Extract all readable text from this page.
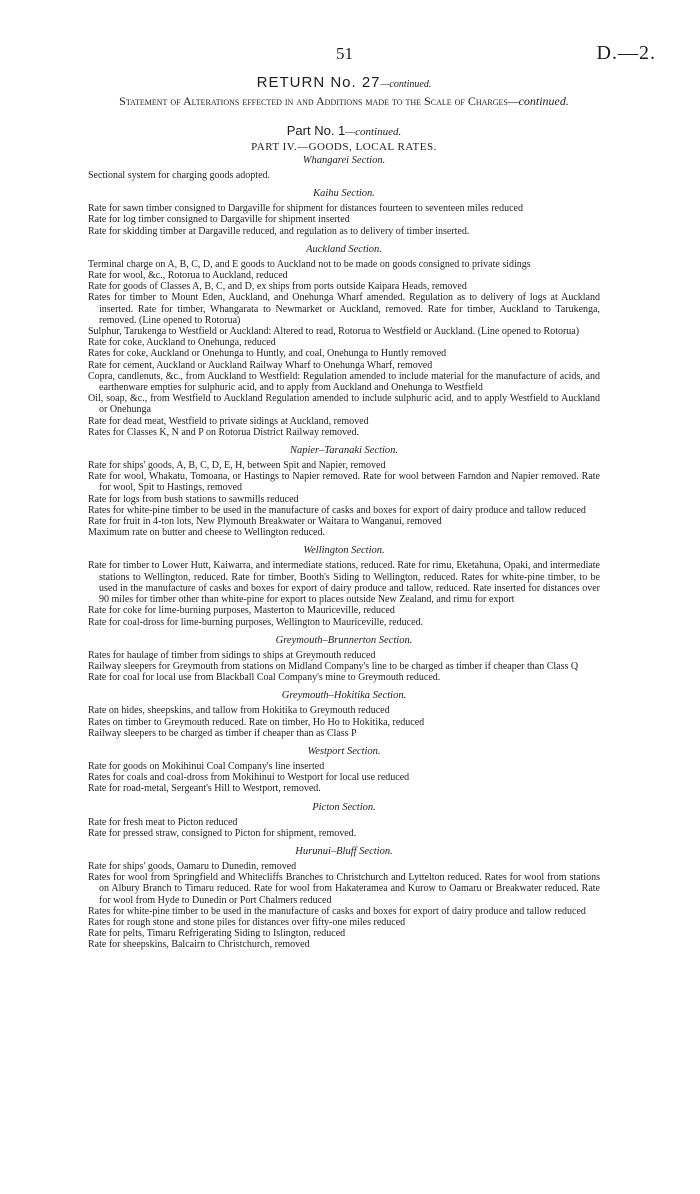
51	D.—2.
RETURN No. 27—continued.
Statement of Alterations effected in and Additions made to the Scale of Charges—continued.
Part No. 1—continued.
PART IV.—GOODS, LOCAL RATES.
Whangarei Section.

Sectional system for charging goods adopted.

Kaihu Section.

Rate for sawn timber consigned to Dargaville for shipment for distances fourteen to seventeen miles reduced

Rate for log timber consigned to Dargaville for shipment inserted

Rate for skidding timber at Dargaville reduced, and regulation as to delivery of timber inserted.

Auckland Section.

Terminal charge on A, B, C, D, and E goods to Auckland not to be made on goods consigned to private sidings

Rate for wool, &c., Rotorua to Auckland, reduced

Rate for goods of Classes A, B, C, and D, ex ships from ports outside Kaipara Heads, removed

Rates for timber to Mount Eden, Auckland, and Onehunga Wharf amended. Regulation as to delivery of logs at Auckland inserted. Rate for timber, Whangarata to Newmarket or Auckland, removed. Rate for timber, Auckland to Tarukenga, removed. (Line opened to Rotorua)

Sulphur, Tarukenga to Westfield or Auckland: Altered to read, Rotorua to Westfield or Auckland. (Line opened to Rotorua)

Rate for coke, Auckland to Onehunga, reduced

Rates for coke, Auckland or Onehunga to Huntly, and coal, Onehunga to Huntly removed

Rate for cement, Auckland or Auckland Railway Wharf to Onehunga Wharf, removed

Copra, candlenuts, &c., from Auckland to Westfield: Regulation amended to include material for the manufacture of acids, and earthenware empties for sulphuric acid, and to apply from Auckland and Onehunga to Westfield

Oil, soap, &c., from Westfield to Auckland Regulation amended to include sulphuric acid, and to apply Westfield to Auckland or Onehunga

Rate for dead meat, Westfield to private sidings at Auckland, removed

Rates for Classes K, N and P on Rotorua District Railway removed.

Napier–Taranaki Section.

Rate for ships' goods, A, B, C, D, E, H, between Spit and Napier, removed

Rate for wool, Whakatu, Tomoana, or Hastings to Napier removed. Rate for wool between Farndon and Napier removed. Rate for wool, Spit to Hastings, removed

Rate for logs from bush stations to sawmills reduced

Rates for white-pine timber to be used in the manufacture of casks and boxes for export of dairy produce and tallow reduced

Rate for fruit in 4-ton lots, New Plymouth Breakwater or Waitara to Wanganui, removed

Maximum rate on butter and cheese to Wellington reduced.

Wellington Section.

Rate for timber to Lower Hutt, Kaiwarra, and intermediate stations, reduced. Rate for rimu, Eketahuna, Opaki, and intermediate stations to Wellington, reduced. Rate for timber, Booth's Siding to Wellington, reduced. Rates for white-pine timber, to be used in the manufacture of casks and boxes for export of dairy produce and tallow, reduced. Rate inserted for distances over 90 miles for timber other than white-pine for export to places outside New Zealand, and rimu for export

Rate for coke for lime-burning purposes, Masterton to Mauriceville, reduced

Rate for coal-dross for lime-burning purposes, Wellington to Mauriceville, reduced.

Greymouth–Brunnerton Section.

Rates for haulage of timber from sidings to ships at Greymouth reduced

Railway sleepers for Greymouth from stations on Midland Company's line to be charged as timber if cheaper than Class Q

Rate for coal for local use from Blackball Coal Company's mine to Greymouth reduced.

Greymouth–Hokitika Section.

Rate on hides, sheepskins, and tallow from Hokitika to Greymouth reduced

Rates on timber to Greymouth reduced. Rate on timber, Ho Ho to Hokitika, reduced

Railway sleepers to be charged as timber if cheaper than as Class P

Westport Section.

Rate for goods on Mokihinui Coal Company's line inserted

Rates for coals and coal-dross from Mokihinui to Westport for local use reduced

Rate for road-metal, Sergeant's Hill to Westport, removed.

Picton Section.

Rate for fresh meat to Picton reduced

Rate for pressed straw, consigned to Picton for shipment, removed.

Hurunui–Bluff Section.

Rate for ships' goods, Oamaru to Dunedin, removed

Rates for wool from Springfield and Whitecliffs Branches to Christchurch and Lyttelton reduced. Rates for wool from stations on Albury Branch to Timaru reduced. Rate for wool from Hakateramea and Kurow to Oamaru or Breakwater reduced. Rate for wool from Hyde to Dunedin or Port Chalmers reduced

Rates for white-pine timber to be used in the manufacture of casks and boxes for export of dairy produce and tallow reduced

Rates for rough stone and stone piles for distances over fifty-one miles reduced

Rate for pelts, Timaru Refrigerating Siding to Islington, reduced

Rate for sheepskins, Balcairn to Christchurch, removed
